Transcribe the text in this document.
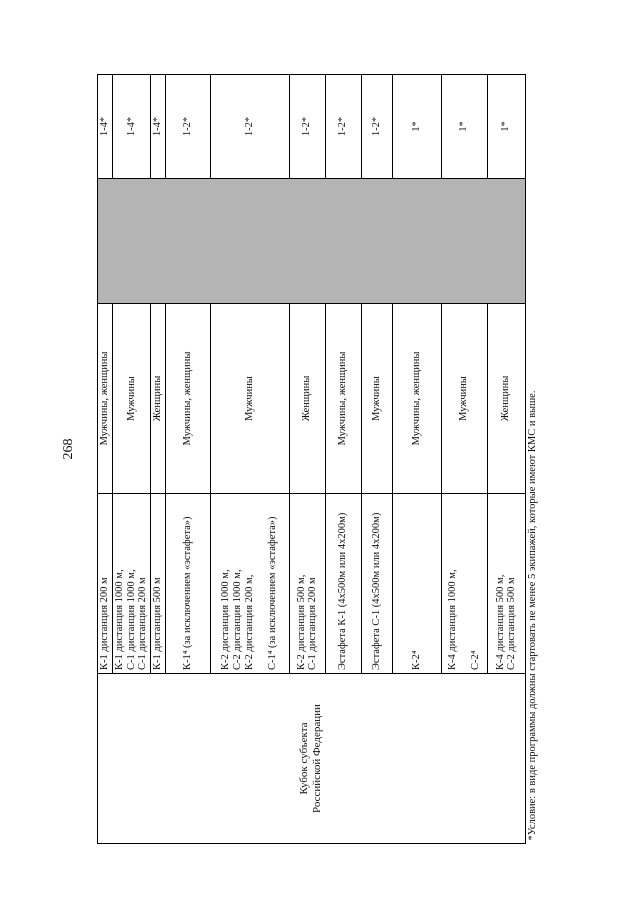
268
Кубок субъекта Российской Федерации	К-1 дистанция 200 м	Мужчины, женщины		1-4*

	К-1 дистанция 1000 м, С-1 дистанция 1000 м, С-1 дистанция 200 м	Мужчины		1-4*

	К-1 дистанция 500 м	Женщины		1-4*

	К-1⁴ (за исключением «эстафета»)	Мужчины, женщины		1-2*

	К-2 дистанция 1000 м, С-2 дистанция 1000 м, К-2 дистанция 200 м,
С-1⁴ (за исключением «эстафета»)	Мужчины		1-2*

	К-2 дистанция 500 м, С-1 дистанция 200 м	Женщины		1-2*

	Эстафета К-1 (4х500м или 4х200м)	Мужчины, женщины		1-2*

	Эстафета С-1 (4х500м или 4х200м)	Мужчины		1-2*

	К-2⁴	Мужчины, женщины		1*

	К-4 дистанция 1000 м,
С-2⁴	Мужчины		1*

	К-4 дистанция 500 м, С-2 дистанция 500 м	Женщины		1*
*Условие: в виде программы должны стартовать не менее 5 экипажей, которые имеют КМС и выше.				
